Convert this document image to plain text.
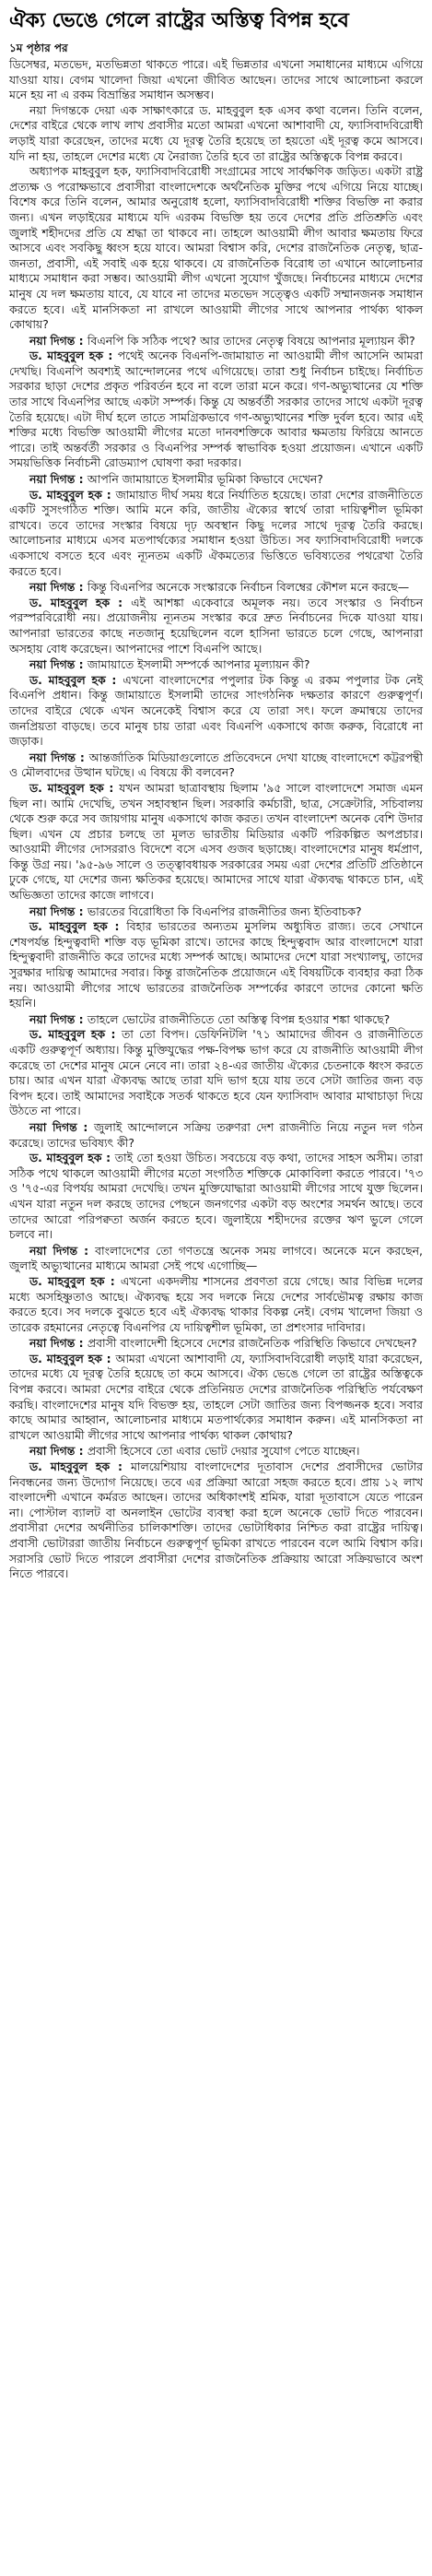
ঐক্য ভেঙে গেলে রাষ্ট্রের অস্তিত্ব বিপন্ন হবে
১ম পৃষ্ঠার পর

ডিসেম্বর, মতভেদ, মতভিন্নতা থাকতে পারে। এই ভিন্নতার এখনো সমাধানের মাধ্যমে এগিয়ে যাওয়া যায়। বেগম খালেদা জিয়া এখনো জীবিত আছেন। তাদের সাথে আলোচনা করলে মনে হয় না এ রকম বিভ্রান্তির সমাধান অসম্ভব।

নয়া দিগন্তকে দেয়া এক সাক্ষাৎকারে ড. মাহবুবুল হক এসব কথা বলেন। তিনি বলেন, দেশের বাইরে থেকে লাখ লাখ প্রবাসীর মতো আমরা এখনো আশাবাদী যে, ফ্যাসিবাদবিরোধী লড়াই যারা করেছেন, তাদের মধ্যে যে দূরত্ব তৈরি হয়েছে তা হয়তো এই দূরত্ব কমে আসবে। যদি না হয়, তাহলে দেশের মধ্যে যে নৈরাজ্য তৈরি হবে তা রাষ্ট্রের অস্তিত্বকে বিপন্ন করবে।

অধ্যাপক মাহবুবুল হক, ফ্যাসিবাদবিরোধী সংগ্রামের সাথে সার্বক্ষণিক জড়িত। একটা রাষ্ট্র প্রত্যক্ষ ও পরোক্ষভাবে প্রবাসীরা বাংলাদেশকে অর্থনৈতিক মুক্তির পথে এগিয়ে নিয়ে যাচ্ছে। বিশেষ করে তিনি বলেন, আমার অনুরোধ হলো, ফ্যাসিবাদবিরোধী শক্তির বিভক্তি না করার জন্য। এখন লড়াইয়ের মাধ্যমে যদি এরকম বিভক্তি হয় তবে দেশের প্রতি প্রতিশ্রুতি এবং জুলাই শহীদদের প্রতি যে শ্রদ্ধা তা থাকবে না। তাহলে আওয়ামী লীগ আবার ক্ষমতায় ফিরে আসবে এবং সবকিছু ধ্বংস হয়ে যাবে। আমরা বিশ্বাস করি, দেশের রাজনৈতিক নেতৃত্ব, ছাত্র-জনতা, প্রবাসী, এই সবাই এক হয়ে থাকবে। যে রাজনৈতিক বিরোধ তা এখানে আলোচনার মাধ্যমে সমাধান করা সম্ভব। আওয়ামী লীগ এখনো সুযোগ খুঁজছে। নির্বাচনের মাধ্যমে দেশের মানুষ যে দল ক্ষমতায় যাবে, যে যাবে না তাদের মতভেদ সত্ত্বেও একটি সম্মানজনক সমাধান করতে হবে। এই মানসিকতা না রাখলে আওয়ামী লীগের সাথে আপনার পার্থক্য থাকল কোথায়?

নয়া দিগন্ত : বিএনপি কি সঠিক পথে? আর তাদের নেতৃত্ব বিষয়ে আপনার মূল্যায়ন কী?

ড. মাহবুবুল হক : পথেই অনেক বিএনপি-জামায়াত না আওয়ামী লীগ আসেনি আমরা দেখছি। বিএনপি অবশ্যই আন্দোলনের পথে এগিয়েছে। তারা শুধু নির্বাচন চাইছে। নির্বাচিত সরকার ছাড়া দেশের প্রকৃত পরিবর্তন হবে না বলে তারা মনে করে। গণ-অভ্যুত্থানের যে শক্তি তার সাথে বিএনপির আছে একটা সম্পর্ক। কিন্তু যে অন্তর্বর্তী সরকার তাদের সাথে একটা দূরত্ব তৈরি হয়েছে। এটা দীর্ঘ হলে তাতে সামগ্রিকভাবে গণ-অভ্যুত্থানের শক্তি দুর্বল হবে। আর এই শক্তির মধ্যে বিভক্তি আওয়ামী লীগের মতো দানবশক্তিকে আবার ক্ষমতায় ফিরিয়ে আনতে পারে। তাই অন্তর্বর্তী সরকার ও বিএনপির সম্পর্ক স্বাভাবিক হওয়া প্রয়োজন। এখানে একটি সময়ভিত্তিক নির্বাচনী রোডম্যাপ ঘোষণা করা দরকার।

নয়া দিগন্ত : আপনি জামায়াতে ইসলামীর ভূমিকা কিভাবে দেখেন?

ড. মাহবুবুল হক : জামায়াত দীর্ঘ সময় ধরে নির্যাতিত হয়েছে। তারা দেশের রাজনীতিতে একটি সুসংগঠিত শক্তি। আমি মনে করি, জাতীয় ঐক্যের স্বার্থে তারা দায়িত্বশীল ভূমিকা রাখবে। তবে তাদের সংস্কার বিষয়ে দৃঢ় অবস্থান কিছু দলের সাথে দূরত্ব তৈরি করছে। আলোচনার মাধ্যমে এসব মতপার্থক্যের সমাধান হওয়া উচিত। সব ফ্যাসিবাদবিরোধী দলকে একসাথে বসতে হবে এবং ন্যূনতম একটি ঐকমত্যের ভিত্তিতে ভবিষ্যতের পথরেখা তৈরি করতে হবে।

নয়া দিগন্ত : কিন্তু বিএনপির অনেকে সংস্কারকে নির্বাচন বিলম্বের কৌশল মনে করছে—

ড. মাহবুবুল হক : এই আশঙ্কা একেবারে অমূলক নয়। তবে সংস্কার ও নির্বাচন পরস্পরবিরোধী নয়। প্রয়োজনীয় ন্যূনতম সংস্কার করে দ্রুত নির্বাচনের দিকে যাওয়া যায়। আপনারা ভারতের কাছে নতজানু হয়েছিলেন বলে হাসিনা ভারতে চলে গেছে, আপনারা অসহায় বোধ করেছেন। আপনাদের পাশে বিএনপি আছে।

নয়া দিগন্ত : জামায়াতে ইসলামী সম্পর্কে আপনার মূল্যায়ন কী?

ড. মাহবুবুল হক : এখনো বাংলাদেশের পপুলার টক কিন্তু এ রকম পপুলার টক নেই বিএনপি প্রধান। কিন্তু জামায়াতে ইসলামী তাদের সাংগঠনিক দক্ষতার কারণে গুরুত্বপূর্ণ। তাদের বাইরে থেকে এখন অনেকেই বিশ্বাস করে যে তারা সৎ। ফলে ক্রমান্বয়ে তাদের জনপ্রিয়তা বাড়ছে। তবে মানুষ চায় তারা এবং বিএনপি একসাথে কাজ করুক, বিরোধে না জড়াক।

নয়া দিগন্ত : আন্তর্জাতিক মিডিয়াগুলোতে প্রতিবেদনে দেখা যাচ্ছে বাংলাদেশে কট্টরপন্থী ও মৌলবাদের উত্থান ঘটছে। এ বিষয়ে কী বলবেন?

ড. মাহবুবুল হক : যখন আমরা ছাত্রাবস্থায় ছিলাম '৯৫ সালে বাংলাদেশে সমাজ এমন ছিল না। আমি দেখেছি, তখন সহাবস্থান ছিল। সরকারি কর্মচারী, ছাত্র, সেক্রেটারি, সচিবালয় থেকে শুরু করে সব জায়গায় মানুষ একসাথে কাজ করত। তখন বাংলাদেশ অনেক বেশি উদার ছিল। এখন যে প্রচার চলছে তা মূলত ভারতীয় মিডিয়ার একটি পরিকল্পিত অপপ্রচার। আওয়ামী লীগের দোসররাও বিদেশে বসে এসব গুজব ছড়াচ্ছে। বাংলাদেশের মানুষ ধর্মপ্রাণ, কিন্তু উগ্র নয়। '৯৫-৯৬ সালে ও তত্ত্বাবধায়ক সরকারের সময় এরা দেশের প্রতিটি প্রতিষ্ঠানে ঢুকে গেছে, যা দেশের জন্য ক্ষতিকর হয়েছে। আমাদের সাথে যারা ঐক্যবদ্ধ থাকতে চান, এই অভিজ্ঞতা তাদের কাজে লাগবে।

নয়া দিগন্ত : ভারতের বিরোধিতা কি বিএনপির রাজনীতির জন্য ইতিবাচক?

ড. মাহবুবুল হক : বিহার ভারতের অন্যতম মুসলিম অধ্যুষিত রাজ্য। তবে সেখানে শেষপর্যন্ত হিন্দুত্ববাদী শক্তি বড় ভূমিকা রাখে। তাদের কাছে হিন্দুত্ববাদ আর বাংলাদেশে যারা হিন্দুত্ববাদী রাজনীতি করে তাদের মধ্যে সম্পর্ক আছে। আমাদের দেশে যারা সংখ্যালঘু, তাদের সুরক্ষার দায়িত্ব আমাদের সবার। কিন্তু রাজনৈতিক প্রয়োজনে এই বিষয়টিকে ব্যবহার করা ঠিক নয়। আওয়ামী লীগের সাথে ভারতের রাজনৈতিক সম্পর্কের কারণে তাদের কোনো ক্ষতি হয়নি।

নয়া দিগন্ত : তাহলে ভোটের রাজনীতিতে তো অস্তিত্ব বিপন্ন হওয়ার শঙ্কা থাকছে?

ড. মাহবুবুল হক : তা তো বিপদ। ডেফিনিটলি '৭১ আমাদের জীবন ও রাজনীতিতে একটি গুরুত্বপূর্ণ অধ্যায়। কিন্তু মুক্তিযুদ্ধের পক্ষ-বিপক্ষ ভাগ করে যে রাজনীতি আওয়ামী লীগ করেছে তা দেশের মানুষ মেনে নেবে না। তারা ২৪-এর জাতীয় ঐক্যের চেতনাকে ধ্বংস করতে চায়। আর এখন যারা ঐক্যবদ্ধ আছে তারা যদি ভাগ হয়ে যায় তবে সেটা জাতির জন্য বড় বিপদ হবে। তাই আমাদের সবাইকে সতর্ক থাকতে হবে যেন ফ্যাসিবাদ আবার মাথাচাড়া দিয়ে উঠতে না পারে।

নয়া দিগন্ত : জুলাই আন্দোলনে সক্রিয় তরুণরা দেশ রাজনীতি নিয়ে নতুন দল গঠন করেছে। তাদের ভবিষ্যৎ কী?

ড. মাহবুবুল হক : তাই তো হওয়া উচিত। সবচেয়ে বড় কথা, তাদের সাহস অসীম। তারা সঠিক পথে থাকলে আওয়ামী লীগের মতো সংগঠিত শক্তিকে মোকাবিলা করতে পারবে। '৭৩ ও '৭৫-এর বিপর্যয় আমরা দেখেছি। তখন মুক্তিযোদ্ধারা আওয়ামী লীগের সাথে যুক্ত ছিলেন। এখন যারা নতুন দল করছে তাদের পেছনে জনগণের একটা বড় অংশের সমর্থন আছে। তবে তাদের আরো পরিপক্বতা অর্জন করতে হবে। জুলাইয়ে শহীদদের রক্তের ঋণ ভুলে গেলে চলবে না।

নয়া দিগন্ত : বাংলাদেশের তো গণতন্ত্রে অনেক সময় লাগবে। অনেকে মনে করছেন, জুলাই অভ্যুত্থানের মাধ্যমে আমরা সেই পথে এগোচ্ছি—

ড. মাহবুবুল হক : এখনো একদলীয় শাসনের প্রবণতা রয়ে গেছে। আর বিভিন্ন দলের মধ্যে অসহিষ্ণুতাও আছে। ঐক্যবদ্ধ হয়ে সব দলকে নিয়ে দেশের সার্বভৌমত্ব রক্ষায় কাজ করতে হবে। সব দলকে বুঝতে হবে এই ঐক্যবদ্ধ থাকার বিকল্প নেই। বেগম খালেদা জিয়া ও তারেক রহমানের নেতৃত্বে বিএনপির যে দায়িত্বশীল ভূমিকা, তা প্রশংসার দাবিদার।

নয়া দিগন্ত : প্রবাসী বাংলাদেশী হিসেবে দেশের রাজনৈতিক পরিস্থিতি কিভাবে দেখছেন?

ড. মাহবুবুল হক : আমরা এখনো আশাবাদী যে, ফ্যাসিবাদবিরোধী লড়াই যারা করেছেন, তাদের মধ্যে যে দূরত্ব তৈরি হয়েছে তা কমে আসবে। ঐক্য ভেঙে গেলে তা রাষ্ট্রের অস্তিত্বকে বিপন্ন করবে। আমরা দেশের বাইরে থেকে প্রতিনিয়ত দেশের রাজনৈতিক পরিস্থিতি পর্যবেক্ষণ করছি। বাংলাদেশের মানুষ যদি বিভক্ত হয়, তাহলে সেটা জাতির জন্য বিপজ্জনক হবে। সবার কাছে আমার আহ্বান, আলোচনার মাধ্যমে মতপার্থক্যের সমাধান করুন। এই মানসিকতা না রাখলে আওয়ামী লীগের সাথে আপনার পার্থক্য থাকল কোথায়?

নয়া দিগন্ত : প্রবাসী হিসেবে তো এবার ভোট দেয়ার সুযোগ পেতে যাচ্ছেন।

ড. মাহবুবুল হক : মালয়েশিয়ায় বাংলাদেশের দূতাবাস দেশের প্রবাসীদের ভোটার নিবন্ধনের জন্য উদ্যোগ নিয়েছে। তবে এর প্রক্রিয়া আরো সহজ করতে হবে। প্রায় ১২ লাখ বাংলাদেশী এখানে কর্মরত আছেন। তাদের অধিকাংশই শ্রমিক, যারা দূতাবাসে যেতে পারেন না। পোস্টাল ব্যালট বা অনলাইন ভোটের ব্যবস্থা করা হলে অনেকে ভোট দিতে পারবেন। প্রবাসীরা দেশের অর্থনীতির চালিকাশক্তি। তাদের ভোটাধিকার নিশ্চিত করা রাষ্ট্রের দায়িত্ব। প্রবাসী ভোটাররা জাতীয় নির্বাচনে গুরুত্বপূর্ণ ভূমিকা রাখতে পারবেন বলে আমি বিশ্বাস করি। সরাসরি ভোট দিতে পারলে প্রবাসীরা দেশের রাজনৈতিক প্রক্রিয়ায় আরো সক্রিয়ভাবে অংশ নিতে পারবে।
